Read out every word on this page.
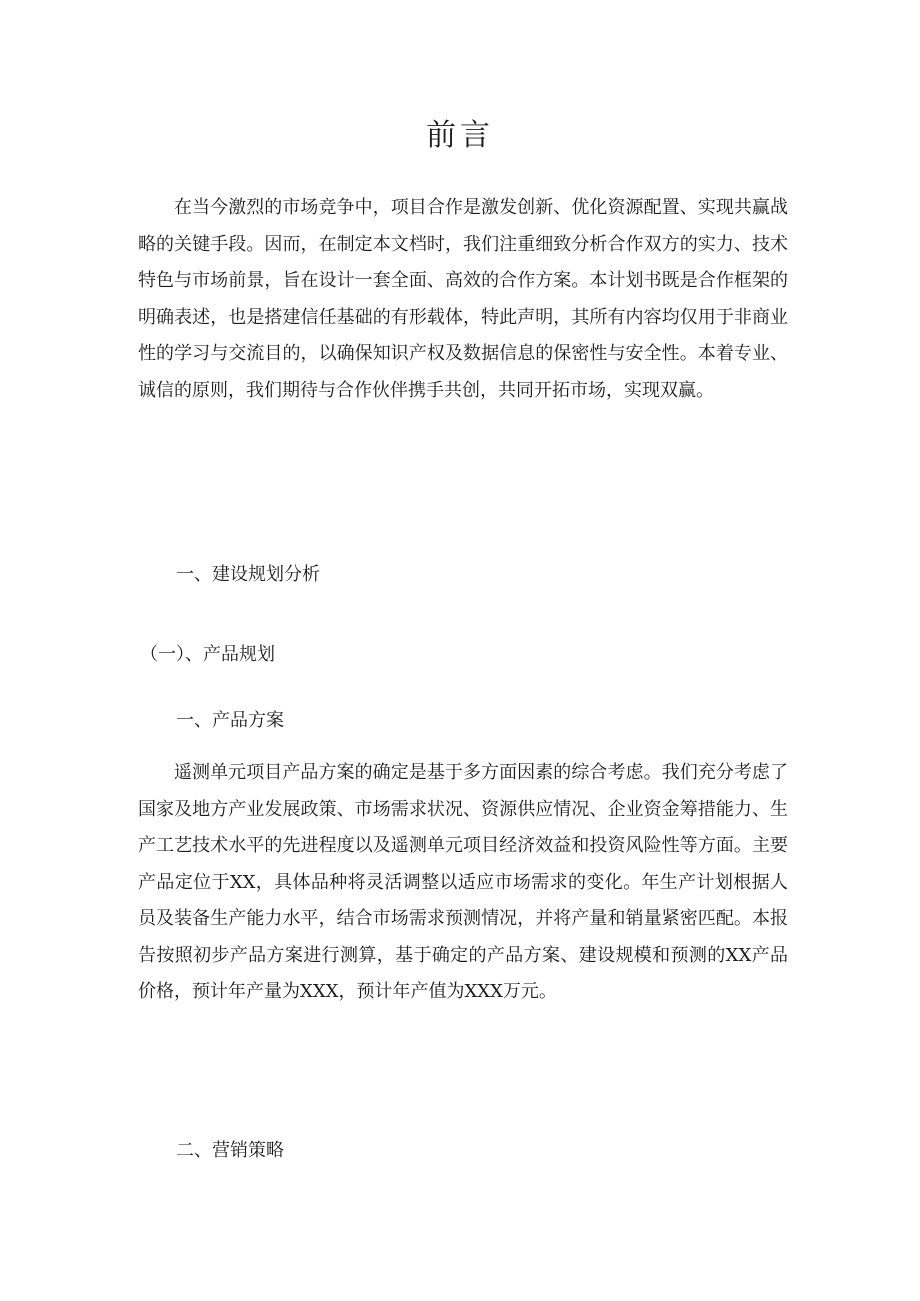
前言

在当今激烈的市场竞争中，项目合作是激发创新、优化资源配置、实现共赢战略的关键手段。因而，在制定本文档时，我们注重细致分析合作双方的实力、技术特色与市场前景，旨在设计一套全面、高效的合作方案。本计划书既是合作框架的明确表述，也是搭建信任基础的有形载体，特此声明，其所有内容均仅用于非商业性的学习与交流目的，以确保知识产权及数据信息的保密性与安全性。本着专业、诚信的原则，我们期待与合作伙伴携手共创，共同开拓市场，实现双赢。

一、建设规划分析

（一）、产品规划

一、产品方案

遥测单元项目产品方案的确定是基于多方面因素的综合考虑。我们充分考虑了国家及地方产业发展政策、市场需求状况、资源供应情况、企业资金筹措能力、生产工艺技术水平的先进程度以及遥测单元项目经济效益和投资风险性等方面。主要产品定位于XX，具体品种将灵活调整以适应市场需求的变化。年生产计划根据人员及装备生产能力水平，结合市场需求预测情况，并将产量和销量紧密匹配。本报告按照初步产品方案进行测算，基于确定的产品方案、建设规模和预测的XX产品价格，预计年产量为XXX，预计年产值为XXX万元。

二、营销策略
